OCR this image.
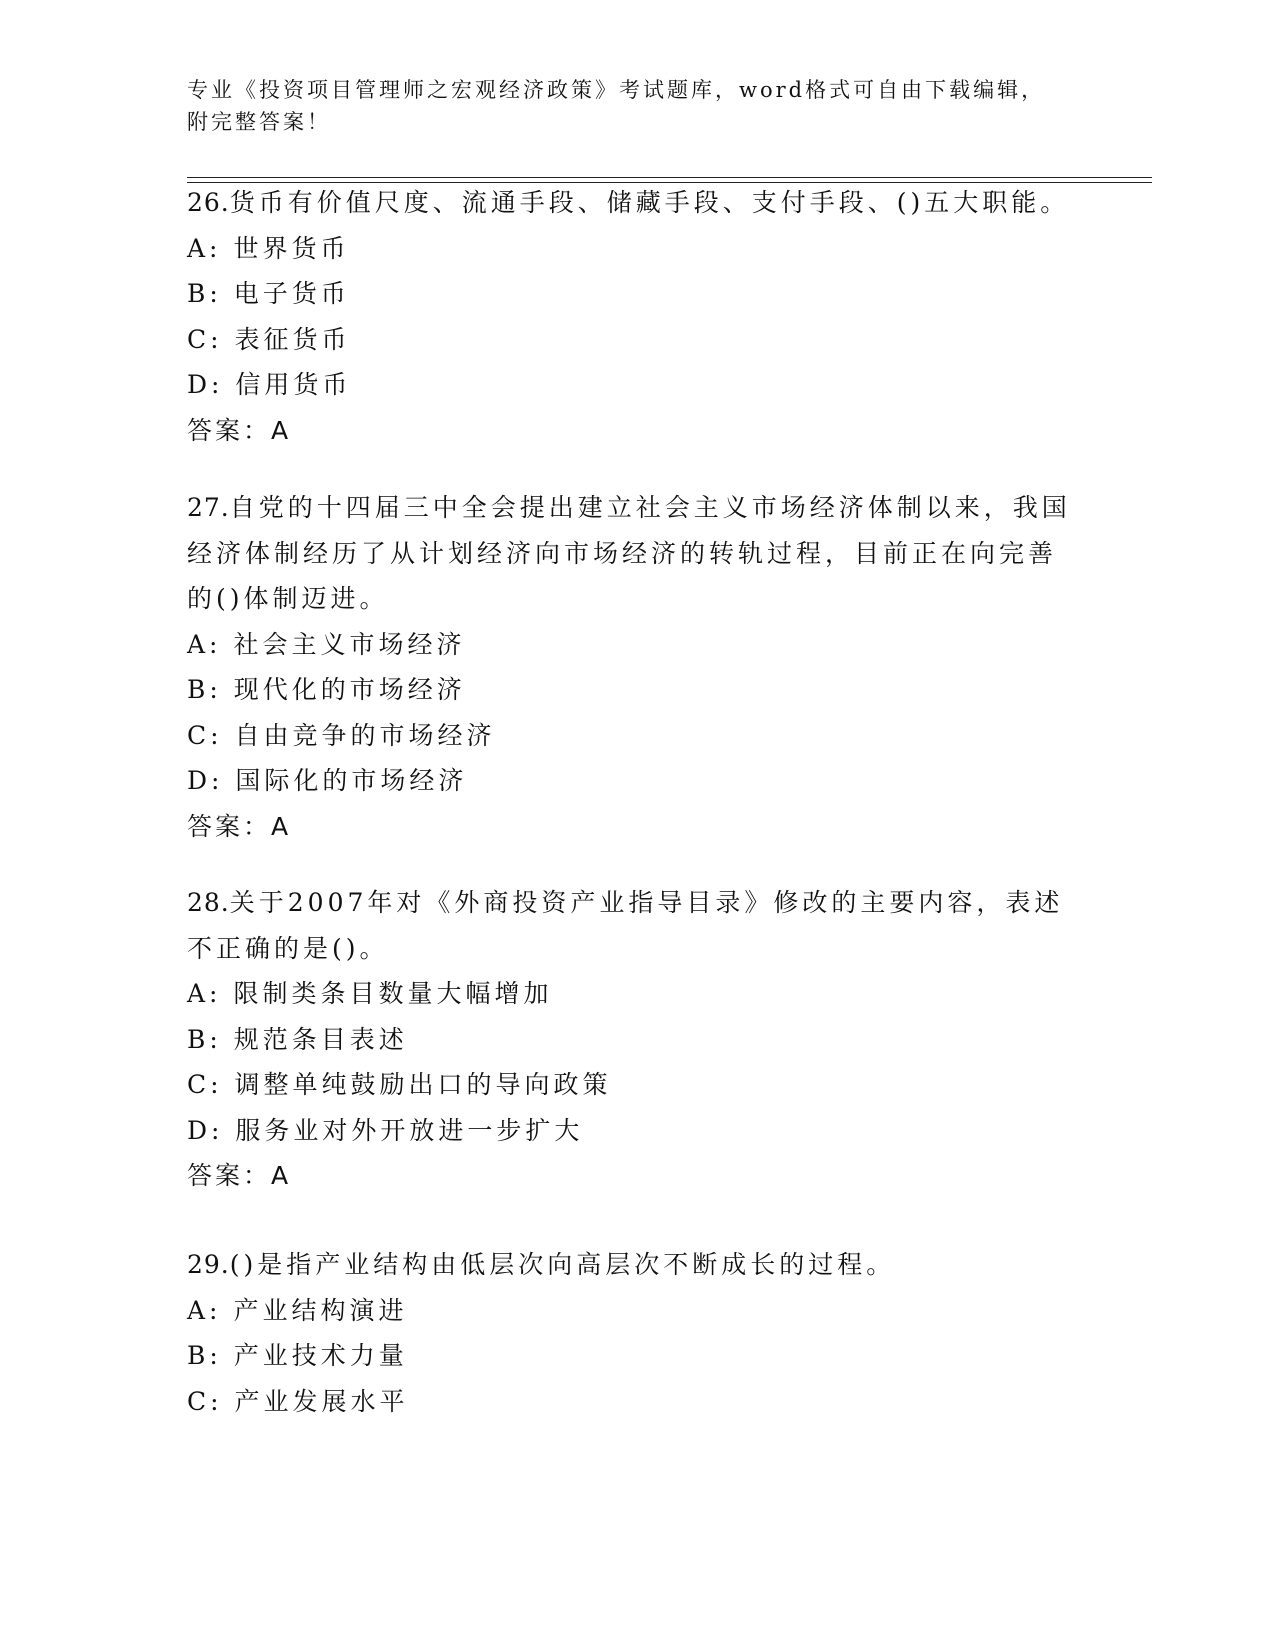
专业《投资项目管理师之宏观经济政策》考试题库，word格式可自由下载编辑，
附完整答案！
26.货币有价值尺度、流通手段、储藏手段、支付手段、()五大职能。
A: 世界货币
B: 电子货币
C: 表征货币
D: 信用货币
答案：A
27.自党的十四届三中全会提出建立社会主义市场经济体制以来，我国
经济体制经历了从计划经济向市场经济的转轨过程，目前正在向完善
的()体制迈进。
A: 社会主义市场经济
B: 现代化的市场经济
C: 自由竞争的市场经济
D: 国际化的市场经济
答案：A
28.关于2007年对《外商投资产业指导目录》修改的主要内容，表述
不正确的是()。
A: 限制类条目数量大幅增加
B: 规范条目表述
C: 调整单纯鼓励出口的导向政策
D: 服务业对外开放进一步扩大
答案：A
29.()是指产业结构由低层次向高层次不断成长的过程。
A: 产业结构演进
B: 产业技术力量
C: 产业发展水平
